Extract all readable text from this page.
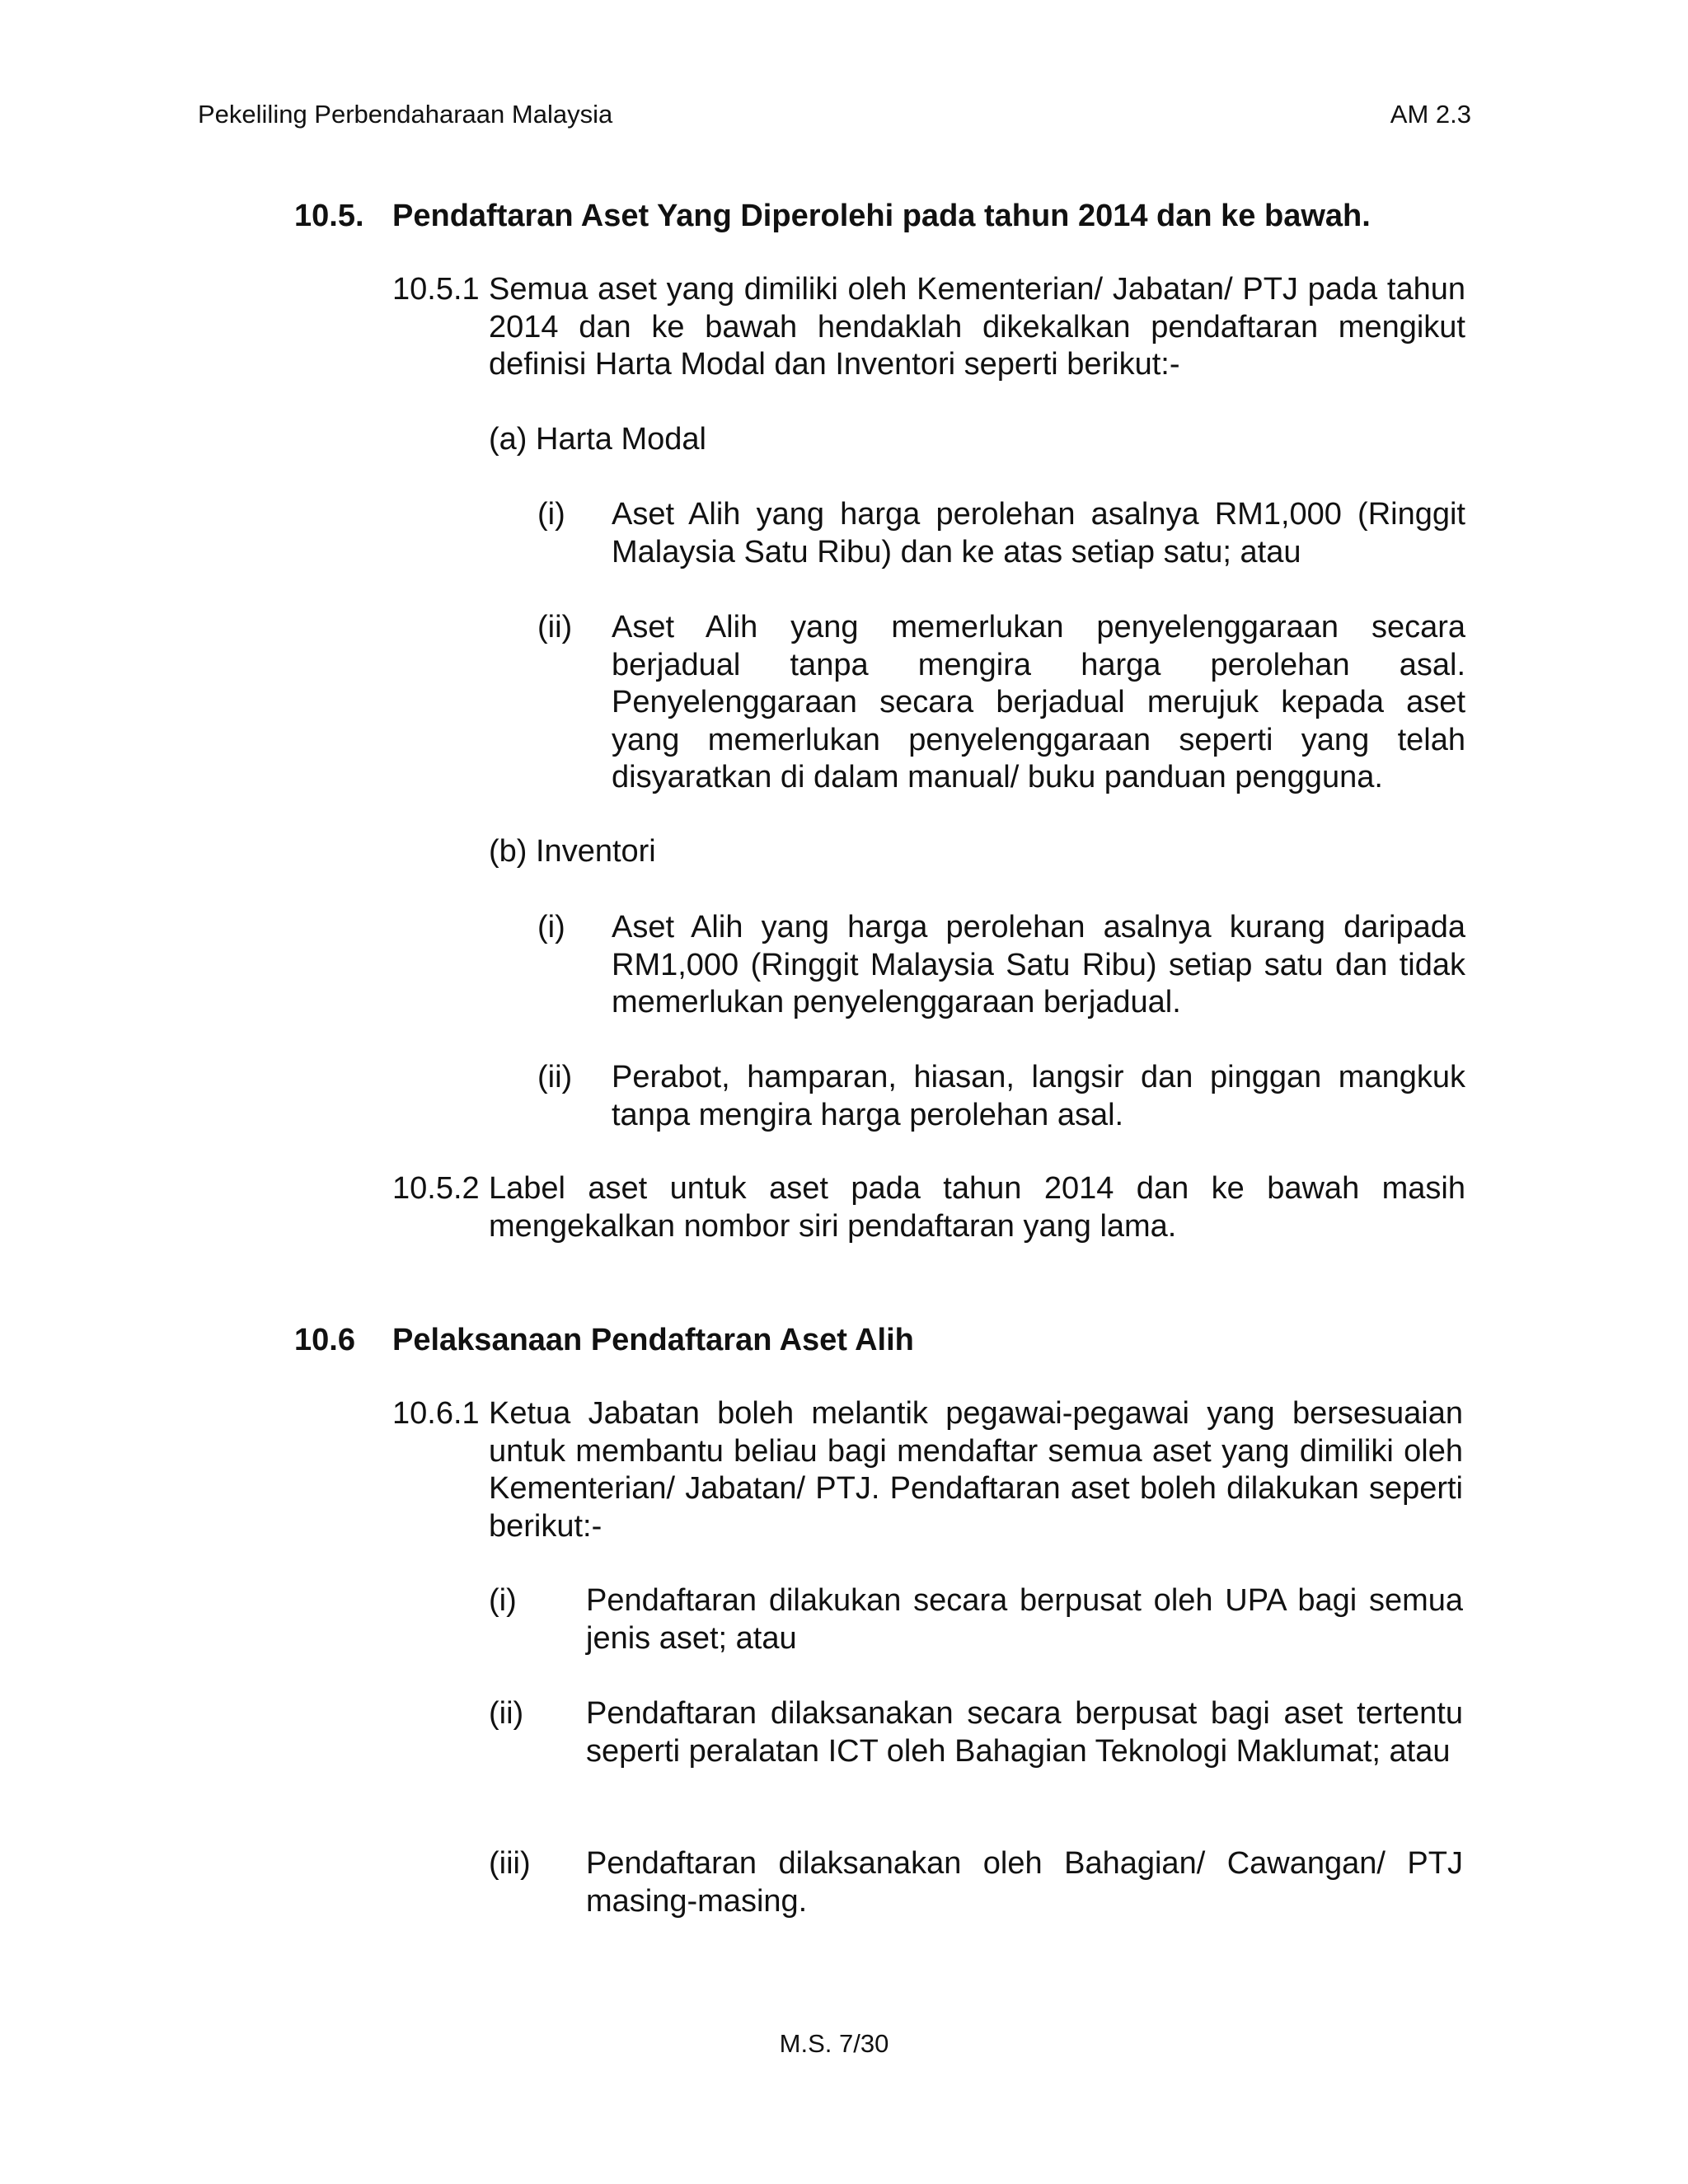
Pekeliling Perbendaharaan Malaysia	AM 2.3
10.5. Pendaftaran Aset Yang Diperolehi pada tahun 2014 dan ke bawah.
10.5.1 Semua aset yang dimiliki oleh Kementerian/ Jabatan/ PTJ pada tahun 2014 dan ke bawah hendaklah dikekalkan pendaftaran mengikut definisi Harta Modal dan Inventori seperti berikut:-
(a) Harta Modal
(i) Aset Alih yang harga perolehan asalnya RM1,000 (Ringgit Malaysia Satu Ribu) dan ke atas setiap satu; atau
(ii) Aset Alih yang memerlukan penyelenggaraan secara berjadual tanpa mengira harga perolehan asal. Penyelenggaraan secara berjadual merujuk kepada aset yang memerlukan penyelenggaraan seperti yang telah disyaratkan di dalam manual/ buku panduan pengguna.
(b) Inventori
(i) Aset Alih yang harga perolehan asalnya kurang daripada RM1,000 (Ringgit Malaysia Satu Ribu) setiap satu dan tidak memerlukan penyelenggaraan berjadual.
(ii) Perabot, hamparan, hiasan, langsir dan pinggan mangkuk tanpa mengira harga perolehan asal.
10.5.2 Label aset untuk aset pada tahun 2014 dan ke bawah masih mengekalkan nombor siri pendaftaran yang lama.
10.6 Pelaksanaan Pendaftaran Aset Alih
10.6.1 Ketua Jabatan boleh melantik pegawai-pegawai yang bersesuaian untuk membantu beliau bagi mendaftar semua aset yang dimiliki oleh Kementerian/ Jabatan/ PTJ. Pendaftaran aset boleh dilakukan seperti berikut:-
(i) Pendaftaran dilakukan secara berpusat oleh UPA bagi semua jenis aset; atau
(ii) Pendaftaran dilaksanakan secara berpusat bagi aset tertentu seperti peralatan ICT oleh Bahagian Teknologi Maklumat; atau
(iii) Pendaftaran dilaksanakan oleh Bahagian/ Cawangan/ PTJ masing-masing.
M.S. 7/30
